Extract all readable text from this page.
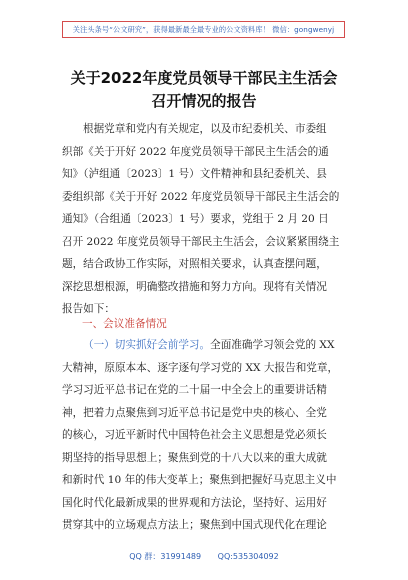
关注头条号“公文研究”，获得最新最全最专业的公文资料库！ 微信：gongwenyj
关于2022年度党员领导干部民主生活会
召开情况的报告
根据党章和党内有关规定，以及市纪委机关、市委组
织部《关于开好 2022 年度党员领导干部民主生活会的通
知》（泸组通〔2023〕1 号）文件精神和县纪委机关、县
委组织部《关于开好 2022 年度党员领导干部民主生活会的
通知》（合组通〔2023〕1 号）要求，党组于 2 月 20 日
召开 2022 年度党员领导干部民主生活会，会议紧紧围绕主
题，结合政协工作实际，对照相关要求，认真查摆问题，
深挖思想根源，明确整改措施和努力方向。现将有关情况
报告如下：
一、会议准备情况
（一）切实抓好会前学习。全面准确学习领会党的 XX
大精神，原原本本、逐字逐句学习党的 XX 大报告和党章，
学习习近平总书记在党的二十届一中全会上的重要讲话精
神，把着力点聚焦到习近平总书记是党中央的核心、全党
的核心，习近平新时代中国特色社会主义思想是党必须长
期坚持的指导思想上；聚焦到党的十八大以来的重大成就
和新时代 10 年的伟大变革上；聚焦到把握好马克思主义中
国化时代化最新成果的世界观和方法论，坚持好、运用好
贯穿其中的立场观点方法上；聚焦到中国式现代化在理论
QQ 群：31991489 QQ:535304092
